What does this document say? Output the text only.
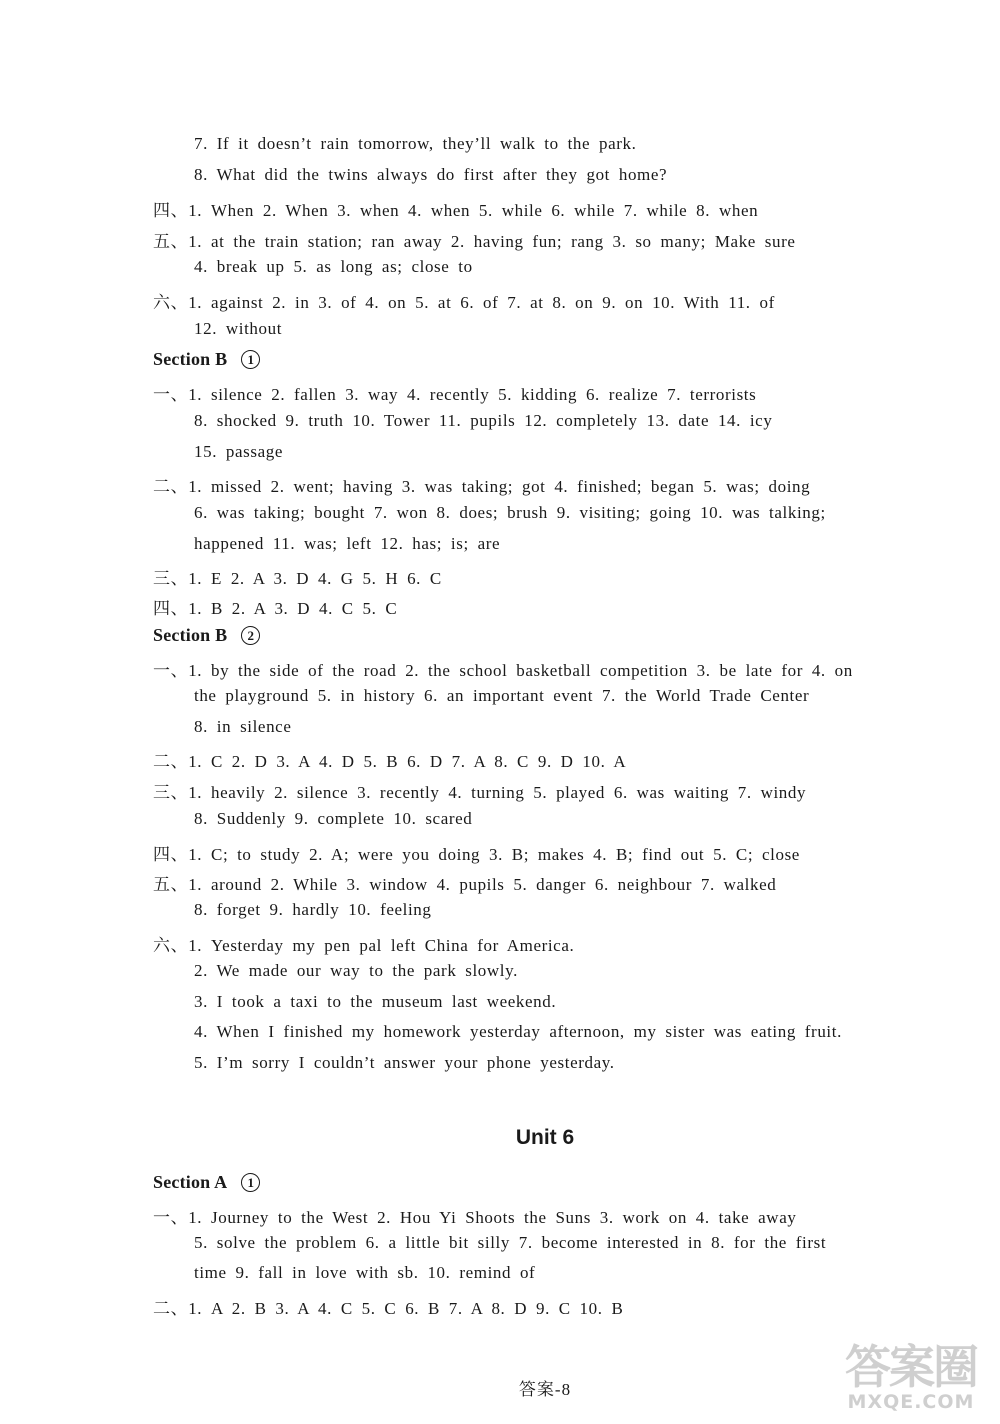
7. If it doesn’t rain tomorrow, they’ll walk to the park.
8. What did the twins always do first after they got home?
四、1. When 2. When 3. when 4. when 5. while 6. while 7. while 8. when
五、1. at the train station; ran away 2. having fun; rang 3. so many; Make sure
4. break up 5. as long as; close to
六、1. against 2. in 3. of 4. on 5. at 6. of 7. at 8. on 9. on 10. With 11. of
12. without
Section B 1
一、1. silence 2. fallen 3. way 4. recently 5. kidding 6. realize 7. terrorists
8. shocked 9. truth 10. Tower 11. pupils 12. completely 13. date 14. icy
15. passage
二、1. missed 2. went; having 3. was taking; got 4. finished; began 5. was; doing
6. was taking; bought 7. won 8. does; brush 9. visiting; going 10. was talking;
happened 11. was; left 12. has; is; are
三、1. E 2. A 3. D 4. G 5. H 6. C
四、1. B 2. A 3. D 4. C 5. C
Section B 2
一、1. by the side of the road 2. the school basketball competition 3. be late for 4. on
the playground 5. in history 6. an important event 7. the World Trade Center
8. in silence
二、1. C 2. D 3. A 4. D 5. B 6. D 7. A 8. C 9. D 10. A
三、1. heavily 2. silence 3. recently 4. turning 5. played 6. was waiting 7. windy
8. Suddenly 9. complete 10. scared
四、1. C; to study 2. A; were you doing 3. B; makes 4. B; find out 5. C; close
五、1. around 2. While 3. window 4. pupils 5. danger 6. neighbour 7. walked
8. forget 9. hardly 10. feeling
六、1. Yesterday my pen pal left China for America.
2. We made our way to the park slowly.
3. I took a taxi to the museum last weekend.
4. When I finished my homework yesterday afternoon, my sister was eating fruit.
5. I’m sorry I couldn’t answer your phone yesterday.
Unit 6
Section A 1
一、1. Journey to the West 2. Hou Yi Shoots the Suns 3. work on 4. take away
5. solve the problem 6. a little bit silly 7. become interested in 8. for the first
time 9. fall in love with sb. 10. remind of
二、1. A 2. B 3. A 4. C 5. C 6. B 7. A 8. D 9. C 10. B
答案-8	答案圈
MXQE.COM
